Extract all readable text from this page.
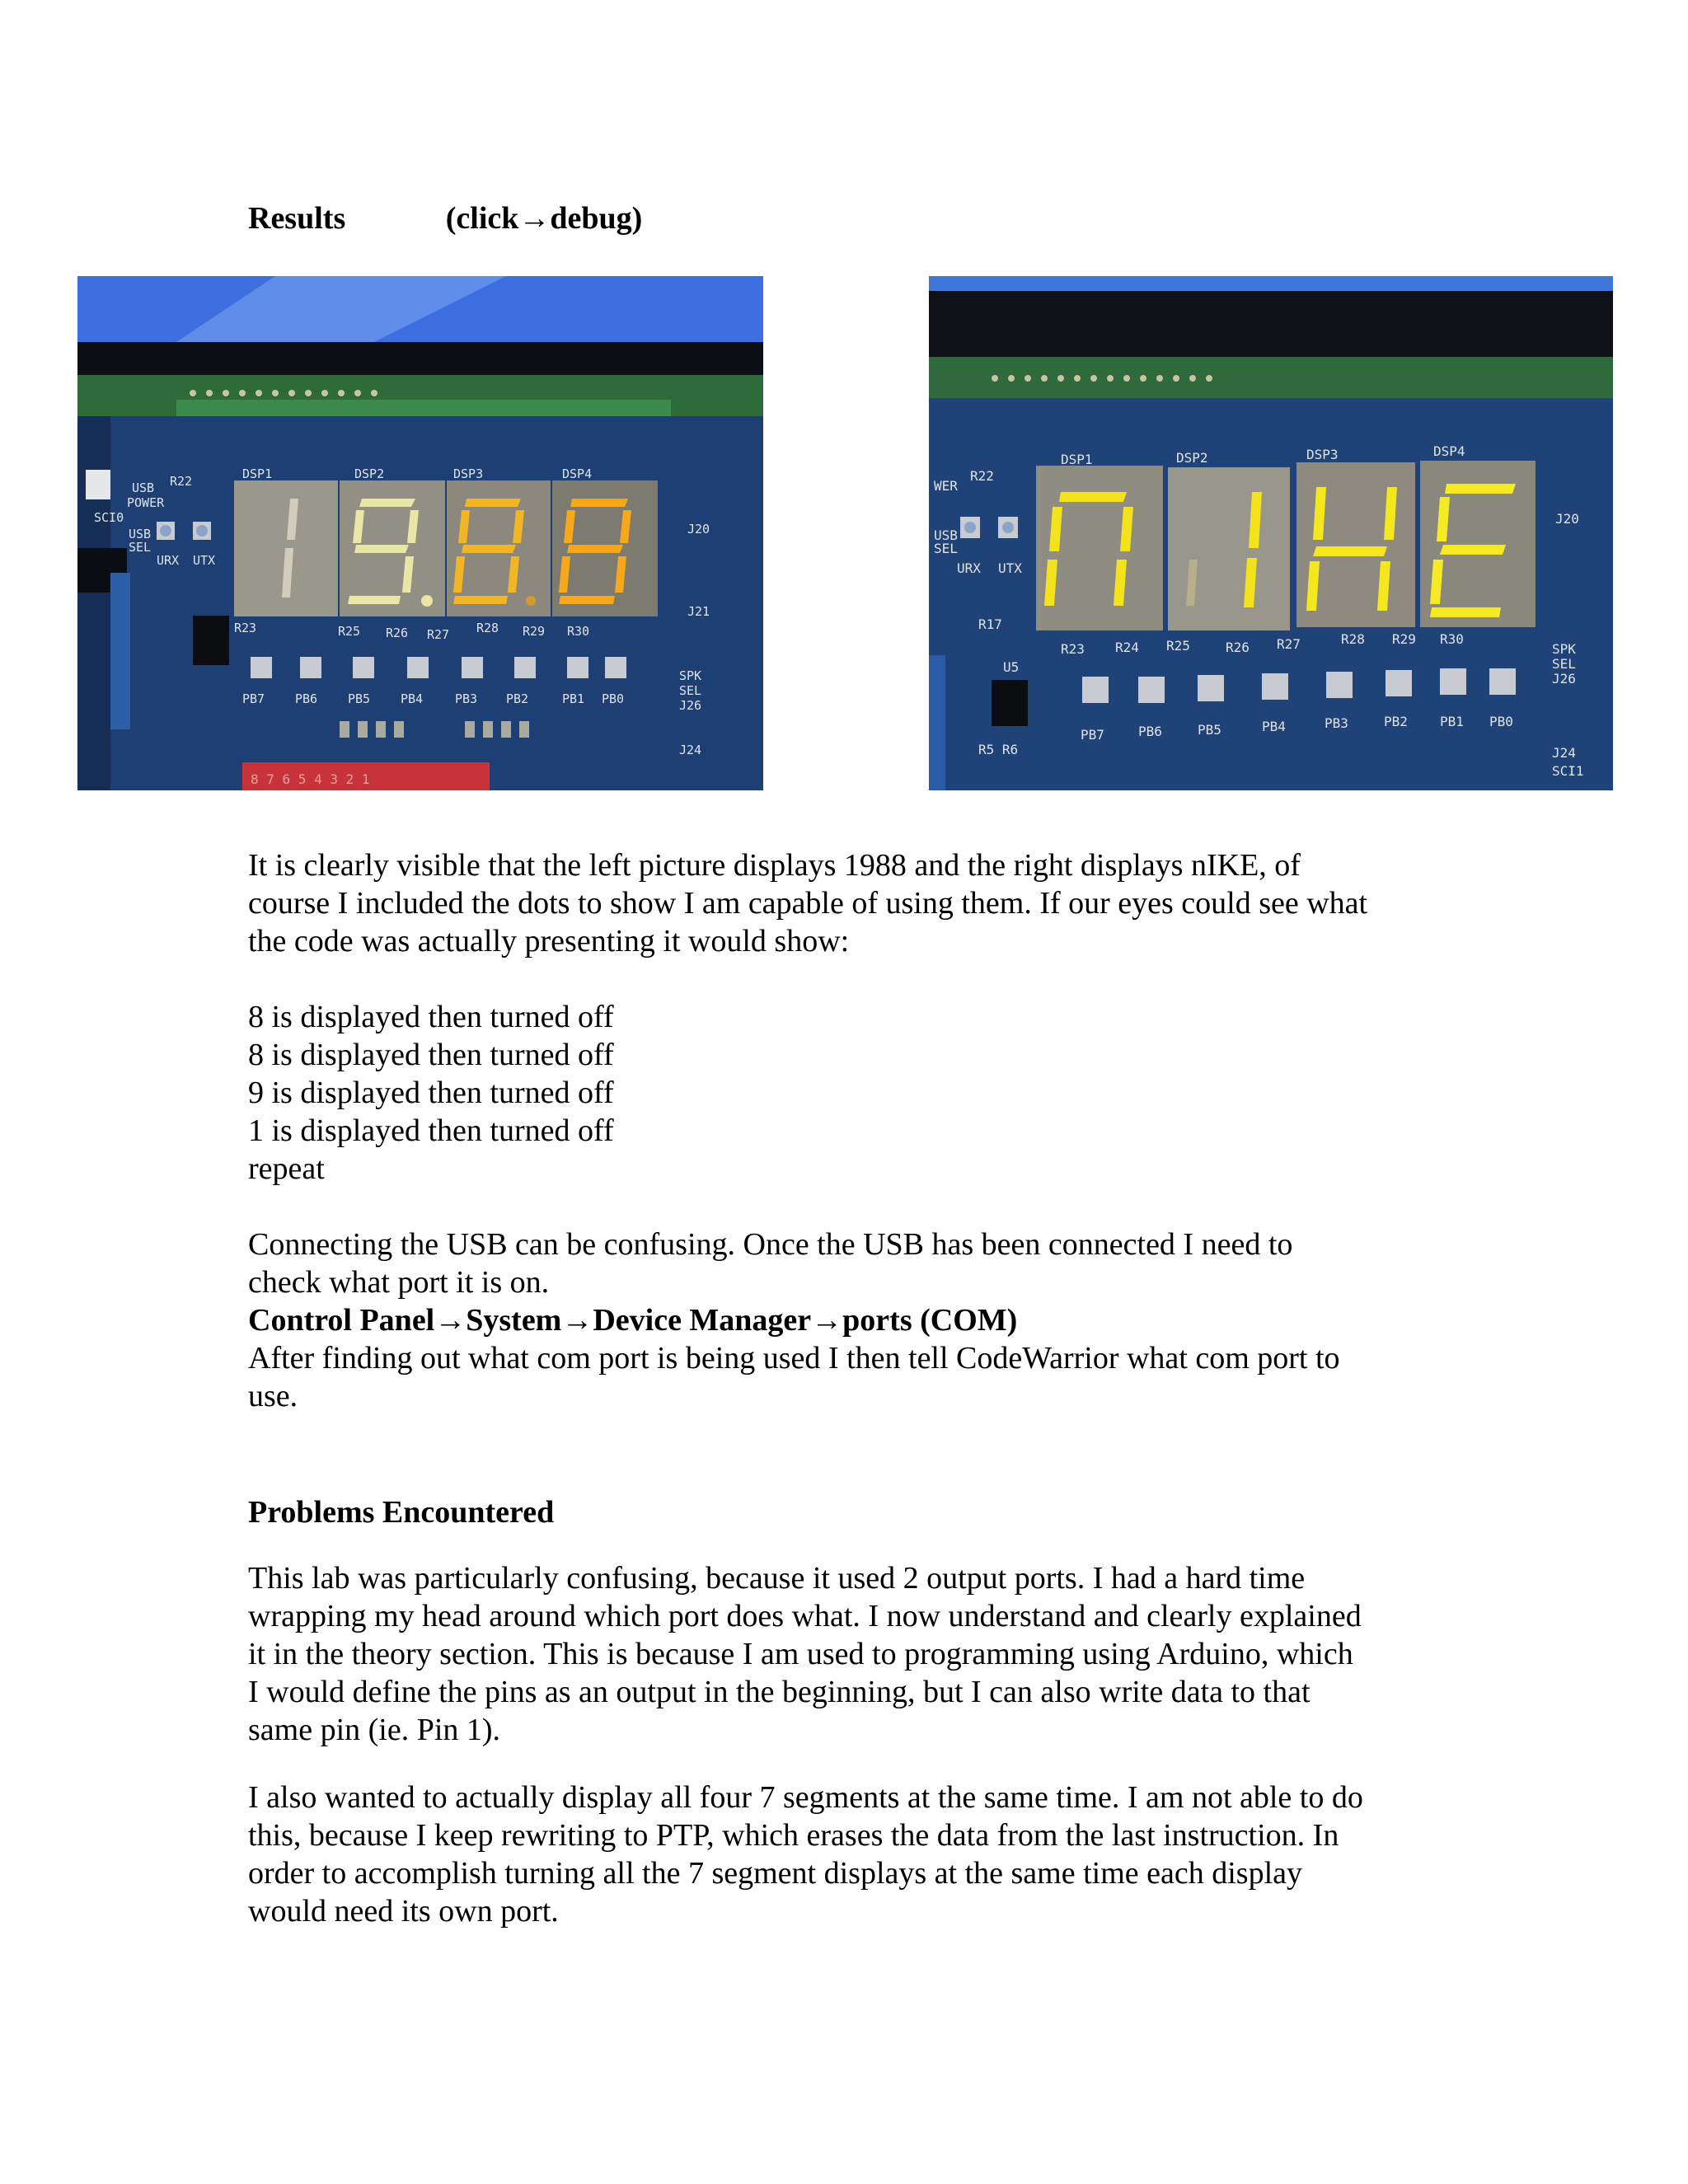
Results	(click→debug)
DSP1	DSP2	DSP3	DSP4
USB
POWER
SCI0
USB
SEL
URX UTX
R22
R23	R25 R26 R27 R28 R29 R30
PB7 PB6 PB5 PB4	PB3 PB2	PB1 PB0
J20
J21
SPK
SEL
J26
J24
8 7 6 5 4 3 2 1
DSP1	DSP2	DSP3	DSP4
WER
R22
USB
SEL
URX UTX
R17
R23 R24 R25	R26 R27	R28 R29 R30
PB7	PB6	PB5	PB4	PB3	PB2 PB1 PB0
U5
R5 R6
SPK
SEL
J26
J24
SCI1
J20
It is clearly visible that the left picture displays 1988 and the right displays nIKE, of
course I included the dots to show I am capable of using them. If our eyes could see what
the code was actually presenting it would show:
8 is displayed then turned off
8 is displayed then turned off
9 is displayed then turned off
1 is displayed then turned off
repeat
Connecting the USB can be confusing. Once the USB has been connected I need to
check what port it is on.
Control Panel→System→Device Manager→ports (COM)
After finding out what com port is being used I then tell CodeWarrior what com port to
use.
Problems Encountered
This lab was particularly confusing, because it used 2 output ports. I had a hard time
wrapping my head around which port does what. I now understand and clearly explained
it in the theory section. This is because I am used to programming using Arduino, which
I would define the pins as an output in the beginning, but I can also write data to that
same pin (ie. Pin 1).
I also wanted to actually display all four 7 segments at the same time. I am not able to do
this, because I keep rewriting to PTP, which erases the data from the last instruction. In
order to accomplish turning all the 7 segment displays at the same time each display
would need its own port.
